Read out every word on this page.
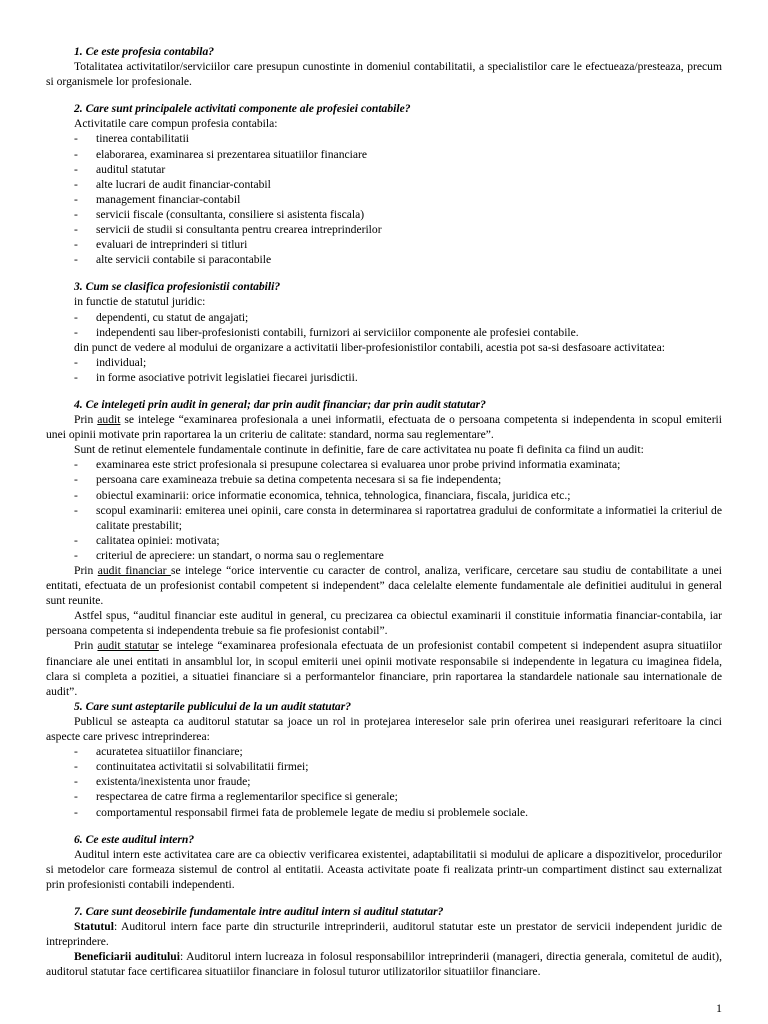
1. Ce este profesia contabila?

Totalitatea activitatilor/serviciilor care presupun cunostinte in domeniul contabilitatii, a specialistilor care le efectueaza/presteaza, precum si organismele lor profesionale.

2. Care sunt principalele activitati componente ale profesiei contabile?

Activitatile care compun profesia contabila:

- tinerea contabilitatii
- elaborarea, examinarea si prezentarea situatiilor financiare
- auditul statutar
- alte lucrari de audit financiar-contabil
- management financiar-contabil
- servicii fiscale (consultanta, consiliere si asistenta fiscala)
- servicii de studii si consultanta pentru crearea intreprinderilor
- evaluari de intreprinderi si titluri
- alte servicii contabile si paracontabile
3. Cum se clasifica profesionistii contabili?

in functie de statutul juridic:

- dependenti, cu statut de angajati;
- independenti sau liber-profesionisti contabili, furnizori ai serviciilor componente ale profesiei contabile.

din punct de vedere al modului de organizare a activitatii liber-profesionistilor contabili, acestia pot sa-si desfasoare activitatea:

- individual;
- in forme asociative potrivit legislatiei fiecarei jurisdictii.
4. Ce intelegeti prin audit in general; dar prin audit financiar; dar prin audit statutar?

Prin audit se intelege “examinarea profesionala a unei informatii, efectuata de o persoana competenta si independenta in scopul emiterii unei opinii motivate prin raportarea la un criteriu de calitate: standard, norma sau reglementare”.

Sunt de retinut elementele fundamentale continute in definitie, fare de care activitatea nu poate fi definita ca fiind un audit:

- examinarea este strict profesionala si presupune colectarea si evaluarea unor probe privind informatia examinata;
- persoana care examineaza trebuie sa detina competenta necesara si sa fie independenta;
- obiectul examinarii: orice informatie economica, tehnica, tehnologica, financiara, fiscala, juridica etc.;
- scopul examinarii: emiterea unei opinii, care consta in determinarea si raportatrea gradului de conformitate a informatiei la criteriul de calitate prestabilit;
- calitatea opiniei: motivata;
- criteriul de apreciere: un standart, o norma sau o reglementare

Prin audit financiar se intelege “orice interventie cu caracter de control, analiza, verificare, cercetare sau studiu de contabilitate a unei entitati, efectuata de un profesionist contabil competent si independent” daca celelalte elemente fundamentale ale definitiei auditului in general sunt reunite.

Astfel spus, “auditul financiar este auditul in general, cu precizarea ca obiectul examinarii il constituie informatia financiar-contabila, iar persoana competenta si independenta trebuie sa fie profesionist contabil”.

Prin audit statutar se intelege “examinarea profesionala efectuata de un profesionist contabil competent si independent asupra situatiilor financiare ale unei entitati in ansamblul lor, in scopul emiterii unei opinii motivate responsabile si independente in legatura cu imaginea fidela, clara si completa a pozitiei, a situatiei financiare si a performantelor financiare, prin raportarea la standardele nationale sau internationale de audit”.

5. Care sunt asteptarile publicului de la un audit statutar?

Publicul se asteapta ca auditorul statutar sa joace un rol in protejarea intereselor sale prin oferirea unei reasigurari referitoare la cinci aspecte care privesc intreprinderea:

- acuratetea situatiilor financiare;
- continuitatea activitatii si solvabilitatii firmei;
- existenta/inexistenta unor fraude;
- respectarea de catre firma a reglementarilor specifice si generale;
- comportamentul responsabil firmei fata de problemele legate de mediu si problemele sociale.
6. Ce este auditul intern?

Auditul intern este activitatea care are ca obiectiv verificarea existentei, adaptabilitatii si modului de aplicare a dispozitivelor, procedurilor si metodelor care formeaza sistemul de control al entitatii. Aceasta activitate poate fi realizata printr-un compartiment distinct sau externalizat prin profesionisti contabili independenti.

7. Care sunt deosebirile fundamentale intre auditul intern si auditul statutar?

Statutul: Auditorul intern face parte din structurile intreprinderii, auditorul statutar este un prestator de servicii independent juridic de intreprindere.

Beneficiarii auditului: Auditorul intern lucreaza in folosul responsabililor intreprinderii (manageri, directia generala, comitetul de audit), auditorul statutar face certificarea situatiilor financiare in folosul tuturor utilizatorilor situatiilor financiare.

1
